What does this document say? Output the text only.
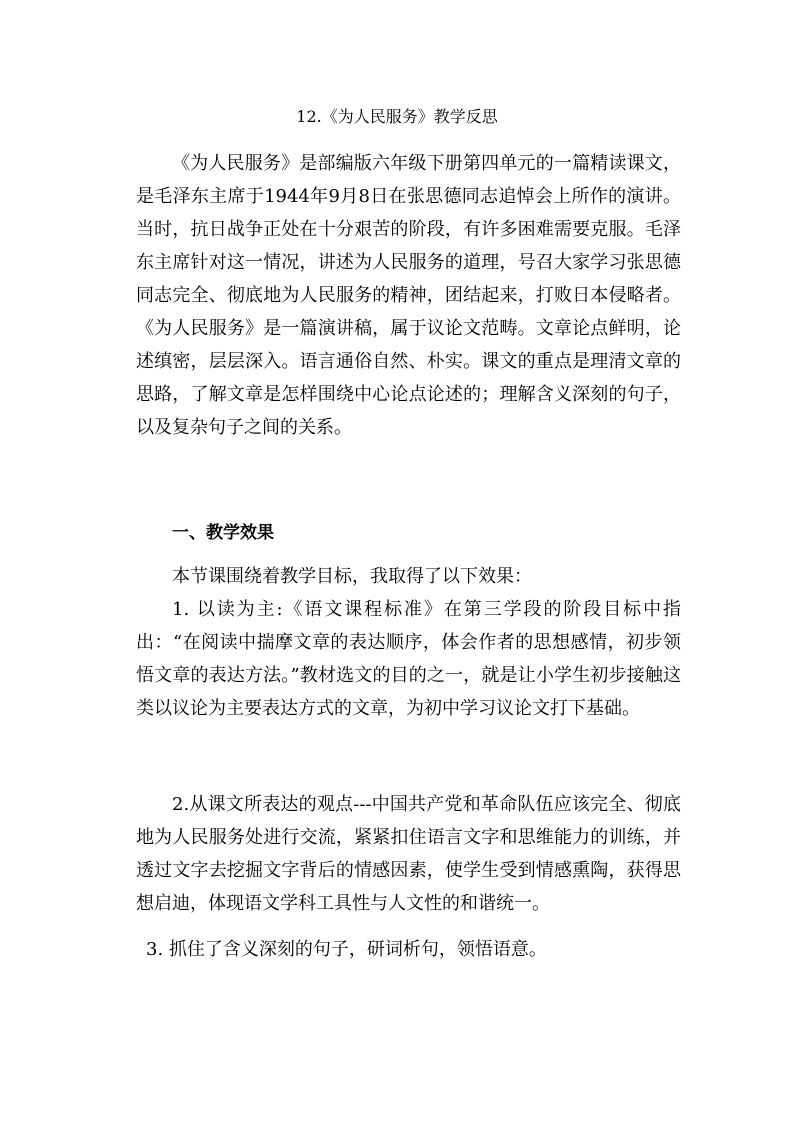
12.《为人民服务》教学反思

《为人民服务》是部编版六年级下册第四单元的一篇精读课文，是毛泽东主席于1944年9月8日在张思德同志追悼会上所作的演讲。当时，抗日战争正处在十分艰苦的阶段，有许多困难需要克服。毛泽东主席针对这一情况，讲述为人民服务的道理，号召大家学习张思德同志完全、彻底地为人民服务的精神，团结起来，打败日本侵略者。《为人民服务》是一篇演讲稿，属于议论文范畴。文章论点鲜明，论述缜密，层层深入。语言通俗自然、朴实。课文的重点是理清文章的思路，了解文章是怎样围绕中心论点论述的；理解含义深刻的句子，以及复杂句子之间的关系。

一、教学效果

本节课围绕着教学目标，我取得了以下效果：

1. 以读为主:《语文课程标准》在第三学段的阶段目标中指出：“在阅读中揣摩文章的表达顺序，体会作者的思想感情，初步领悟文章的表达方法。”教材选文的目的之一，就是让小学生初步接触这类以议论为主要表达方式的文章，为初中学习议论文打下基础。

2.从课文所表达的观点---中国共产党和革命队伍应该完全、彻底地为人民服务处进行交流，紧紧扣住语言文字和思维能力的训练，并透过文字去挖掘文字背后的情感因素，使学生受到情感熏陶，获得思想启迪，体现语文学科工具性与人文性的和谐统一。

3. 抓住了含义深刻的句子，研词析句，领悟语意。
